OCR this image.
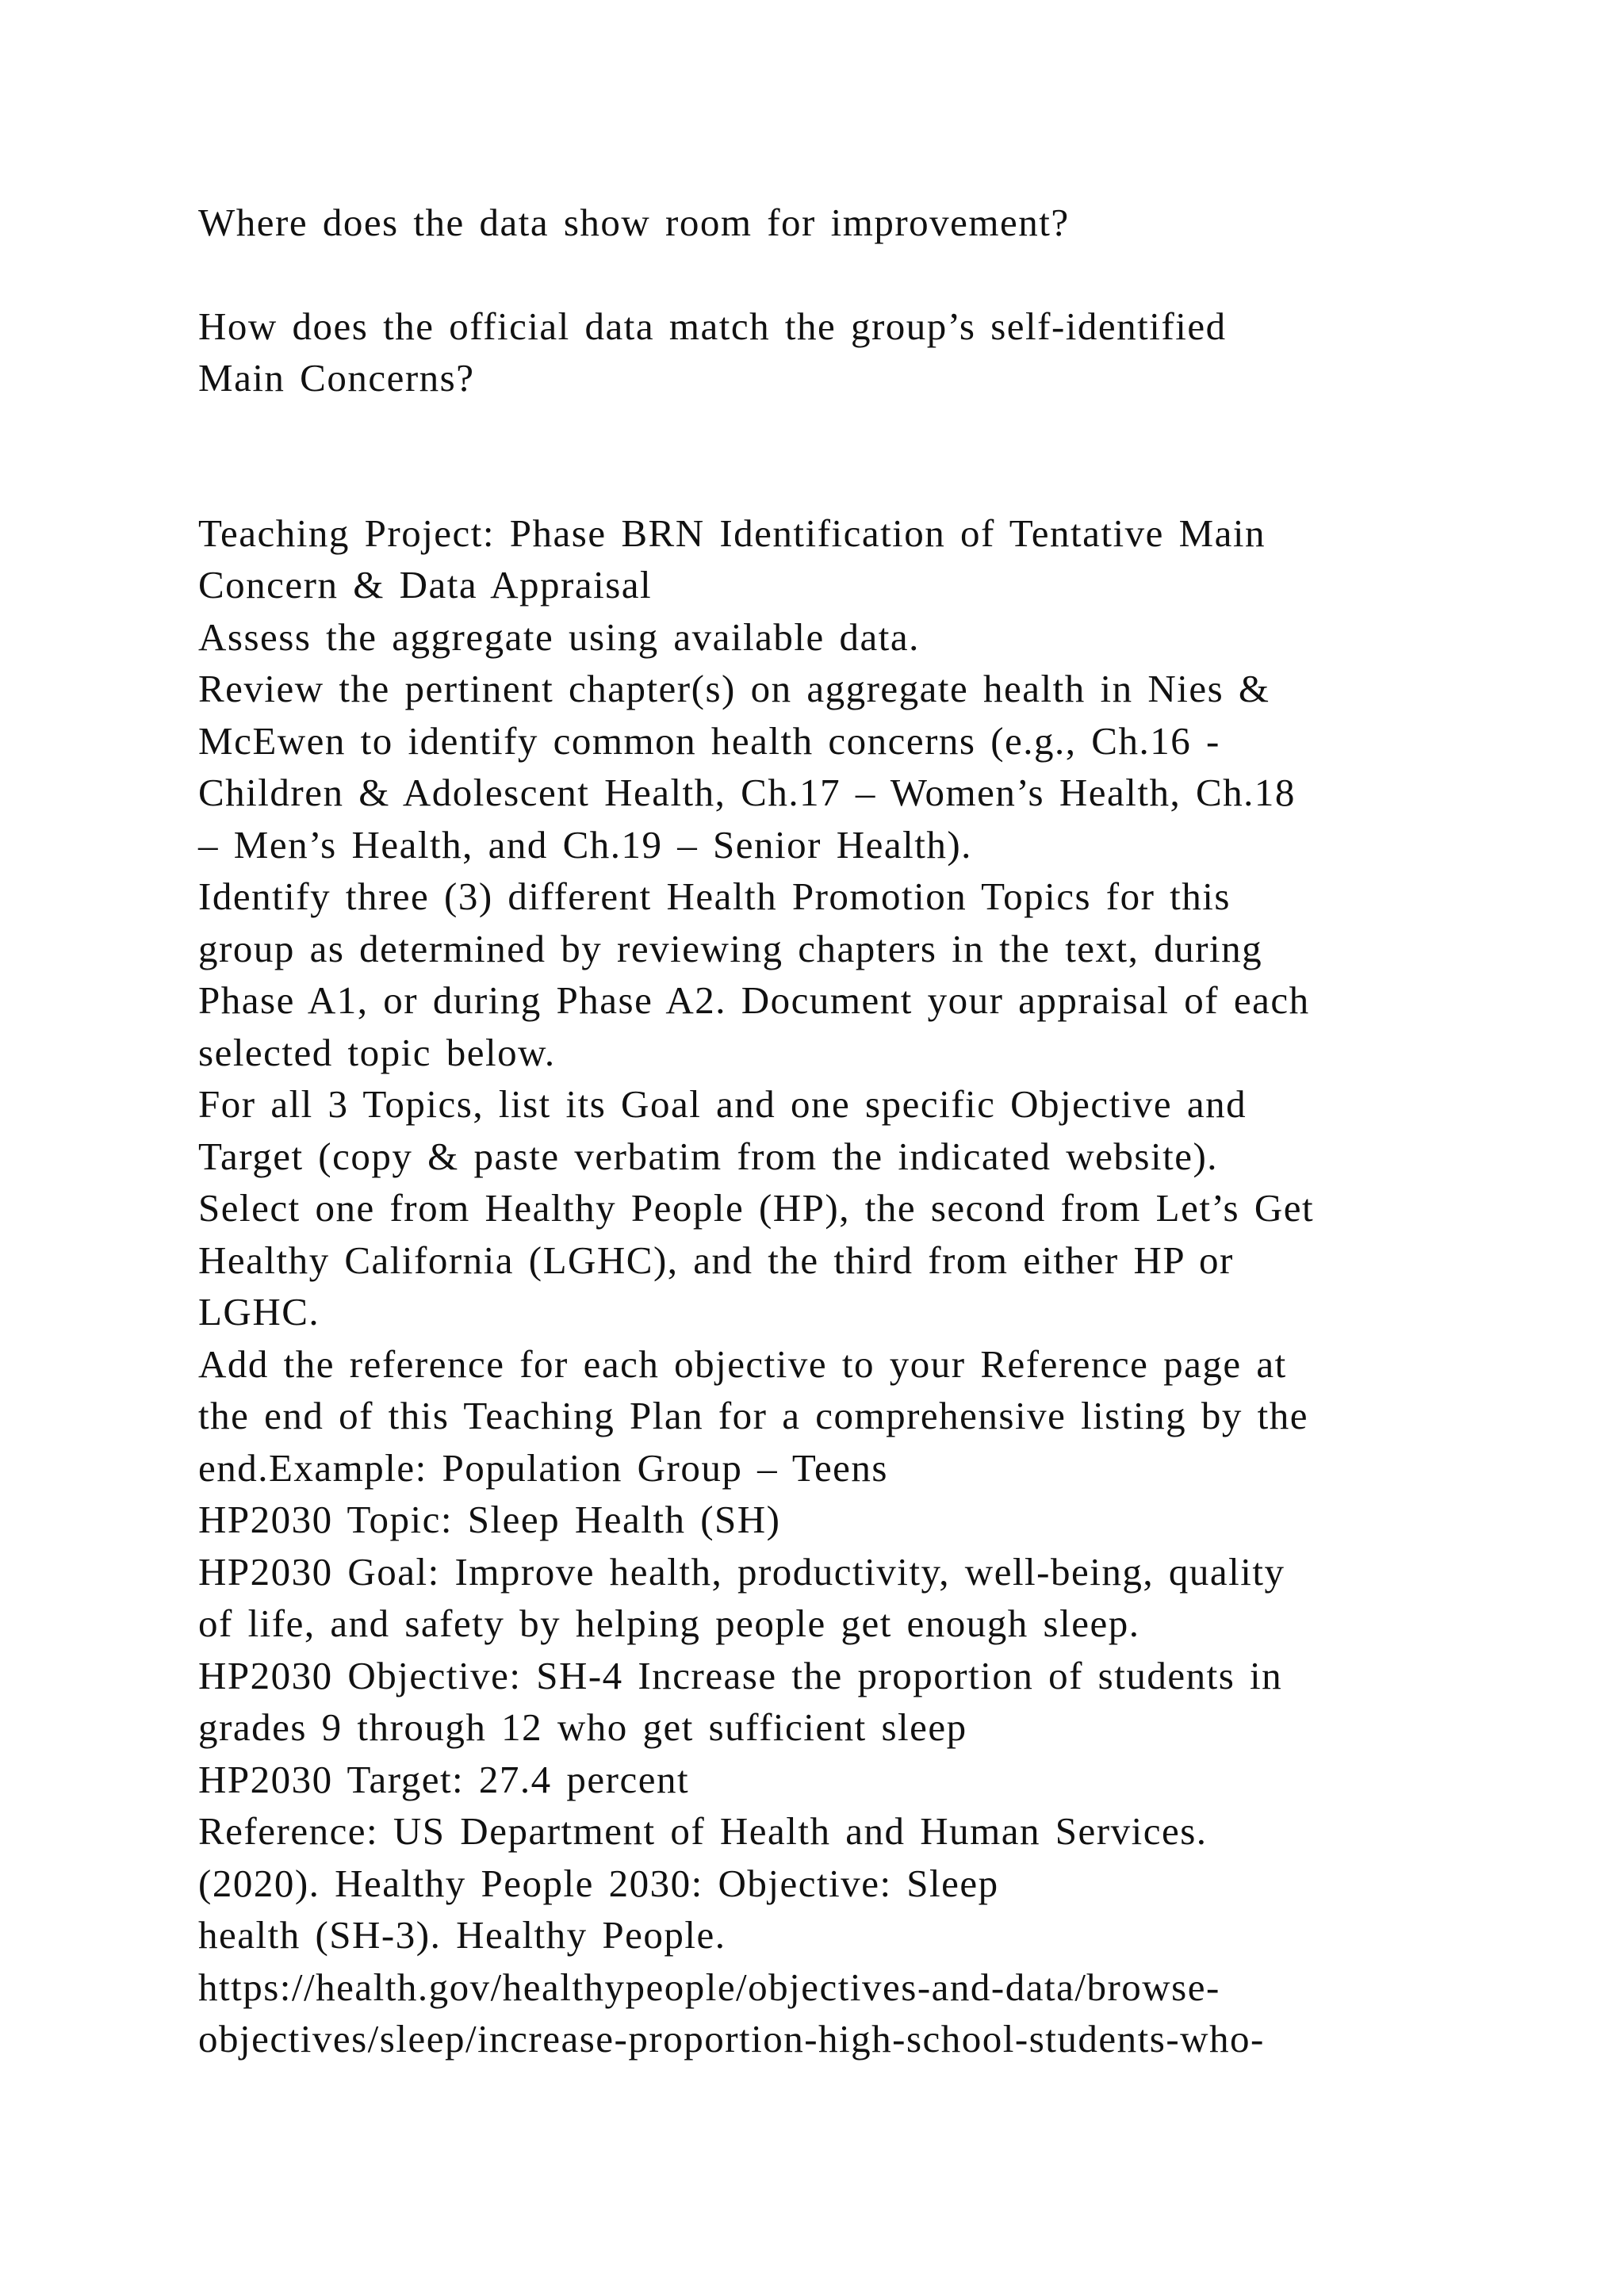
Where does the data show room for improvement?
How does the official data match the group’s self-identified
Main Concerns?
Teaching Project: Phase BRN Identification of Tentative Main
Concern & Data Appraisal
Assess the aggregate using available data.
Review the pertinent chapter(s) on aggregate health in Nies &
McEwen to identify common health concerns (e.g., Ch.16 -
Children & Adolescent Health, Ch.17 – Women’s Health, Ch.18
– Men’s Health, and Ch.19 – Senior Health).
Identify three (3) different Health Promotion Topics for this
group as determined by reviewing chapters in the text, during
Phase A1, or during Phase A2. Document your appraisal of each
selected topic below.
For all 3 Topics, list its Goal and one specific Objective and
Target (copy & paste verbatim from the indicated website).
Select one from Healthy People (HP), the second from Let’s Get
Healthy California (LGHC), and the third from either HP or
LGHC.
Add the reference for each objective to your Reference page at
the end of this Teaching Plan for a comprehensive listing by the
end.Example: Population Group – Teens
HP2030 Topic: Sleep Health (SH)
HP2030 Goal: Improve health, productivity, well-being, quality
of life, and safety by helping people get enough sleep.
HP2030 Objective: SH-4 Increase the proportion of students in
grades 9 through 12 who get sufficient sleep
HP2030 Target: 27.4 percent
Reference: US Department of Health and Human Services.
(2020). Healthy People 2030: Objective: Sleep
health (SH-3). Healthy People.
https://health.gov/healthypeople/objectives-and-data/browse-
objectives/sleep/increase-proportion-high-school-students-who-
